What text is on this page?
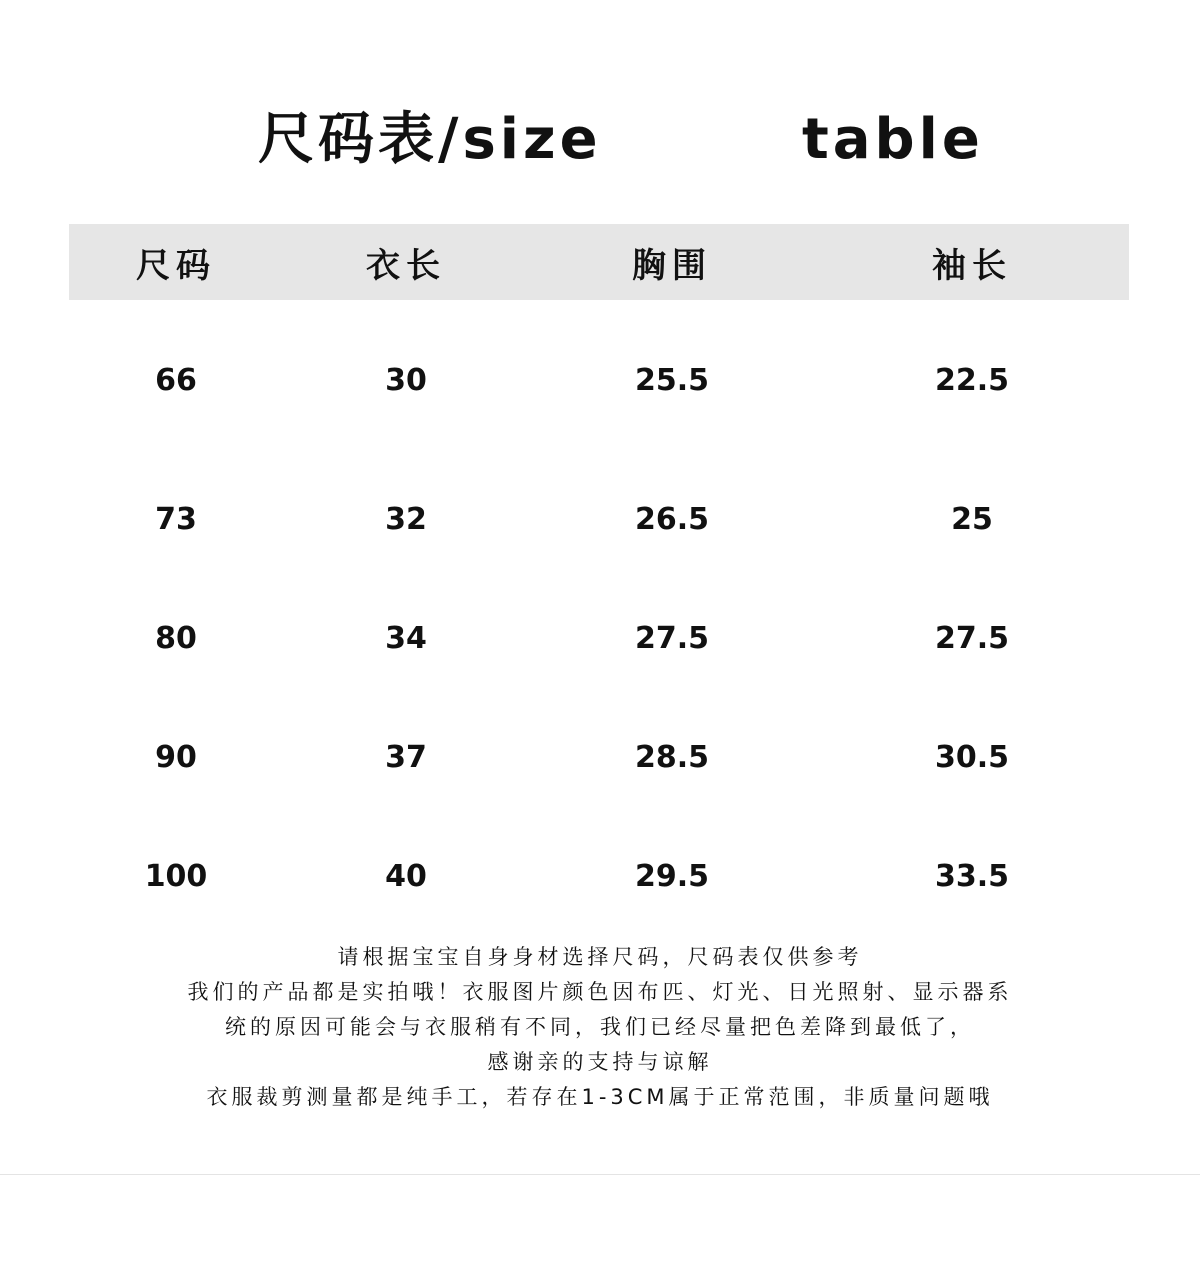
尺码表/size	table
尺码	衣长	胸围	袖长
66	30	25.5	22.5
73	32	26.5	25
80	34	27.5	27.5
90	37	28.5	30.5
100	40	29.5	33.5
请根据宝宝自身身材选择尺码，尺码表仅供参考
我们的产品都是实拍哦！衣服图片颜色因布匹、灯光、日光照射、显示器系
统的原因可能会与衣服稍有不同，我们已经尽量把色差降到最低了，
感谢亲的支持与谅解
衣服裁剪测量都是纯手工，若存在1-3CM属于正常范围，非质量问题哦
